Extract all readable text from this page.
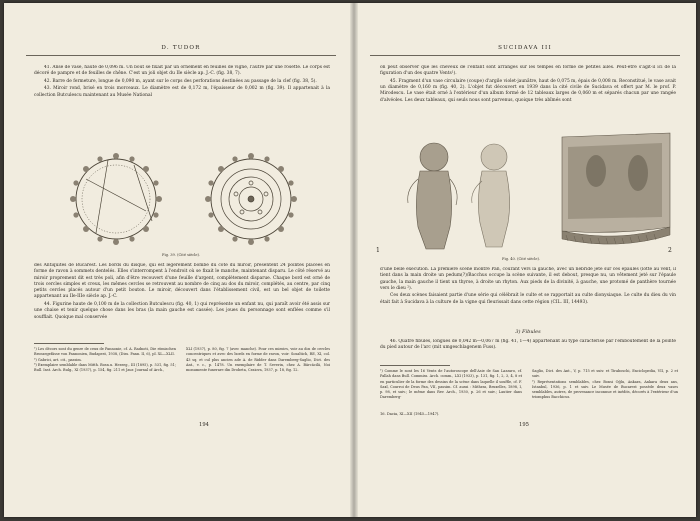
D. TUDOR

41. Anse de vase, haute de 0,096 m. Un bout se fixait par un ornement en feuilles de vigne, l'autre par une rosette. Le corps est décoré de pampre et de feuilles de chêne. C'est un joli objet du IIe siècle ap. J.-C. (fig. 38, 7).

42. Barre de fermeture, longue de 0,090 m, ayant sur le corps des perforations destinées au passage de la clef (fig. 38, 5).

43. Miroir rond, brisé en trois morceaux. Le diamètre est de 0,172 m, l'épaisseur de 0,002 m (fig. 39). Il appartenait à la collection Butculescu maintenant au Musée National

Fig. 39. (Cité siècle).

des Antiquités de Bucarest. Les bords du disque, qui est légèrement bombé du côté du miroir, présentent 24 pointes placées en forme de ravon à sommets dentelés. Elles s'interrompent à l'endroit où se fixait le manche, maintenant disparu. Le côté réservé au miroir proprement dit est très poli, afin d'être recouvert d'une feuille d'argent, complètement disparue. Chaque bord est orné de trois cercles simples et creux, les mêmes cercles se retrouvent au nombre de cinq au dos du miroir, complétés, au centre, par cinq petits cercles placés autour d'un petit bouton. Le miroir, découvert dans l'établissement civil, est un bel objet de toilette appartenant au IIe-IIIe siècle ap. J.-C.

44. Figurine haute de 0,100 m de la collection Butculescu (fig. 40, 1) qui représente un enfant nu, qui paraît avoir été assis sur une chaise et tenir quelque chose dans les bras (la main gauche est cassée). Les joues du personnage sont enflées comme s'il soufflait. Quoique mal conservée

¹) Les décors sont du genre de ceux de Pannonie, cf. A. Radnoti, Die römischen Bronzegefässe von Pannonien, Budapest, 1938, (Diss. Pann. II, 6), pl. XL—XLII.

²) Gabrici, art. cit., passim.

³) Exemplaire semblable dans Mitth. Bosn.u. Herzeg., III (1895), p. 531, fig. 51; Bull. Inst. Arch. Bulg., XI (1937), p. 154, fig. 211 et Jaur. Journal of Arch.,

XLI (1937), p. 80, fig. 7 (avec manche). Pour ces miroirs, voir au dos de cercles concentriques et avec des bords en forme de ravon, voir: Sosaltich, RE, XI, col. 43 sq. et cul plus ancien ade A. de Ridder dans Daremberg-Saglio, Dict. des Ant., v. c., p. 1478. Un exemplaire de T. Severin, chez A. Bărcăcilă, Noi monumente funerare din Drobeta, Craiova, 1937, p. 18, fig. 12.

194
SUCIDAVA III

on peut observer que les cheveux de l'enfant sont arrangés sur les tempes en forme de petites ailes. Peut-être s'agit-il ici de la figuration d'un des quatre Vents¹).

45. Fragment d'un vase circulaire (coupe) d'argile violet-jaunâtre, haut de 0,075 m, épais de 0,008 m. Reconstitué, le vase avait un diamètre de 0,160 m (fig. 40, 2). L'objet fut découvert en 1939 dans la cité civile de Sucidava et offert par M. le prof. P. Mirodescu. Le vase était orné à l'extérieur d'un album formé de 12 tableaux larges de 0,060 m et séparés chacun par une rangée d'alvéoles. Les deux tableaux, qui seuls nous sont parvenus, quoique très abîmés sont

1	2
Fig. 40. (Cité siècle).

d'une belle exécution. La première scène montre Pan, courant vers la gauche, avec un nébride jeté sur ces épaules (lotte au vent, il tient dans la main droite un pedum(?)/Bacchus occupe la scène suivante, il est debout, presque nu, un vêtement jeté sur l'épaule gauche, la main gauche il tient un thyrse, à droite un rhyton. Aux pieds de la divinité, à gauche, une protomé de panthère tournée vers le dieu ²).

Ces deux scènes faisaient partie d'une série qui célébrait le culte et se rapportait au culte dionysiaque. Le culte du dieu du vin était fait à Sucidava à la culture de la vigne qui fleurissait dans cette région (CIL. III, 14493).

3) Fibules

46. Quatre fibules, longues de 0,042 m—0,067 m (fig. 41, 1—4) appartenant au type caractérisé par l'emboutement de la pointe du pied autour de l'arc (mit umgeschlagenem Fuss).

¹) Comme le sont les 16 Vents de l'autoroscope dell'Asie de San Lazzaro, cf. Pallah dans Bull. Commiss. Arch. comm., LXI (1933), p. 131, fig. 1, 2, 3, 4, 8 et en particulier de la forme des dessins de la scène dans laquelle il souffle, cf. F. Saxl, Courroi de Deus Pan, VII, passim. Cf. aussi : Mithras, Bruxelles, 1898, I, p. 98, et suiv.; le même dans Rev. Arch., 1930, p. 26 et suiv.; Lautier dans Daremberg-

Saglio, Dict. des Ant., V, p. 715 et suiv. et Tiraboschi, Enciclopedia, VII, p. 2 et suiv.

²) Représentations semblables, chez Bonsi Oğlu, Ankara, Ankara deux ans, Istanbul, 1936, p. 1 et suiv. Le Musée de Bucarest possède deux vases semblables, autres, de provenance inconnue et inédits, décorés à l'extérieur d'un triomphus Bacchicus.

16. Dacia, XI—XII (1945—1947).
195
